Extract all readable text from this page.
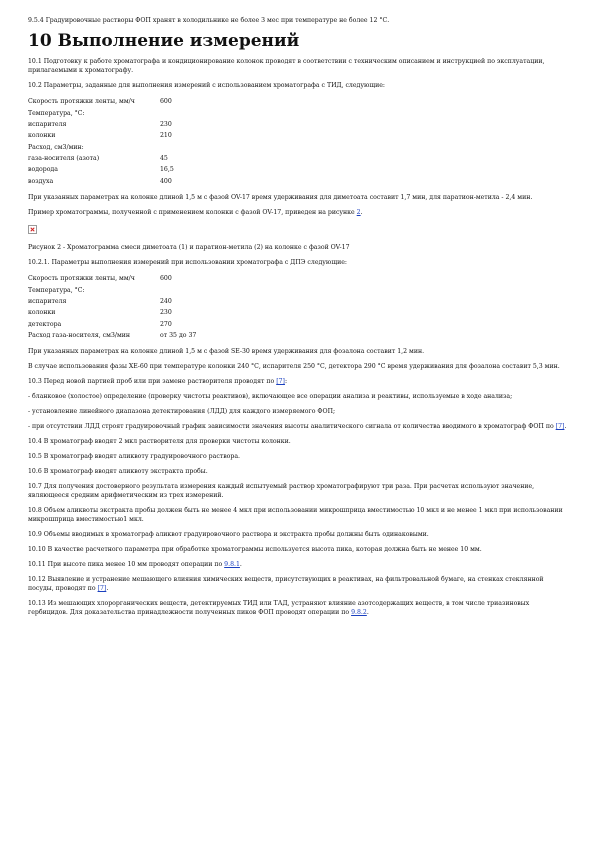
9.5.4 Градуировочные растворы ФОП хранят в холодильнике не более 3 мес при температуре не более 12 °С.

10 Выполнение измерений

10.1 Подготовку к работе хроматографа и кондиционирование колонок проводят в соответствии с техническим описанием и инструкцией по эксплуатации, прилагаемыми к хроматографу.

10.2 Параметры, заданные для выполнения измерений с использованием хроматографа с ТИД, следующие:

Скорость протяжки ленты, мм/ч	600
Температура, °С:	
испарителя	230
колонки	210
Расход, см3/мин:	
газа-носителя (азота)	45
водорода	16,5
воздуха	400

При указанных параметрах на колонке длиной 1,5 м с фазой OV-17 время удерживания для диметоата составит 1,7 мин, для паратион-метила - 2,4 мин.

Пример хроматограммы, полученной с применением колонки с фазой OV-17, приведен на рисунке 2.

Рисунок 2 - Хроматограмма смеси диметоата (1) и паратион-метила (2) на колонке с фазой OV-17

10.2.1. Параметры выполнения измерений при использовании хроматографа с ДПЭ следующие:

Скорость протяжки ленты, мм/ч	600
Температура, °С:	
испарителя	240
колонки	230
детектора	270
Расход газа-носителя, см3/мин	от 35 до 37

При указанных параметрах на колонке длиной 1,5 м с фазой SE-30 время удерживания для фозалона составит 1,2 мин.

В случае использования фазы ХЕ-60 при температуре колонки 240 °С, испарителя 250 °С, детектора 290 °С время удерживания для фозалона составит 5,3 мин.

10.3 Перед новой партией проб или при замене растворителя проводят по [7]:

- бланковое (холостое) определение (проверку чистоты реактивов), включающее все операции анализа и реактивы, используемые в ходе анализа;

- установление линейного диапазона детектирования (ЛДД) для каждого измеряемого ФОП;

- при отсутствии ЛДД строят градуировочный график зависимости значения высоты аналитического сигнала от количества вводимого в хроматограф ФОП по [7].

10.4 В хроматограф вводят 2 мкл растворителя для проверки чистоты колонки.

10.5 В хроматограф вводят аликвоту градуировочного раствора.

10.6 В хроматограф вводят аликвоту экстракта пробы.

10.7 Для получения достоверного результата измерения каждый испытуемый раствор хроматографируют три раза. При расчетах используют значение, являющееся средним арифметическим из трех измерений.

10.8 Объем аликвоты экстракта пробы должен быть не менее 4 мкл при использовании микрошприца вместимостью 10 мкл и не менее 1 мкл при использовании микрошприца вместимостью1 мкл.

10.9 Объемы вводимых в хроматограф аликвот градуировочного раствора и экстракта пробы должны быть одинаковыми.

10.10 В качестве расчетного параметра при обработке хроматограммы используется высота пика, которая должна быть не менее 10 мм.

10.11 При высоте пика менее 10 мм проводят операции по 9.8.1.

10.12 Выявление и устранение мешающего влияния химических веществ, присутствующих в реактивах, на фильтровальной бумаге, на стенках стеклянной посуды, проводят по [7].

10.13 Из мешающих хлорорганических веществ, детектируемых ТИД или ТАД, устраняют влияние азотсодержащих веществ, в том числе триазиновых гербицидов. Для доказательства принадлежности полученных пиков ФОП проводят операции по 9.8.2.
